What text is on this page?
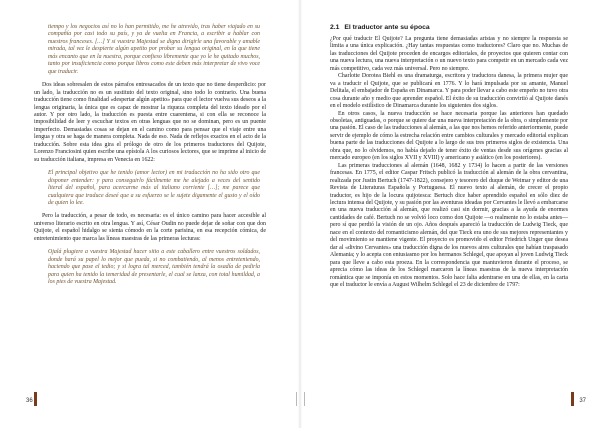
tiempo y los negocios así no lo han permitido, me he atrevido, tras haber viajado en su compañía por casi todo su país, y ya de vuelta en Francia, a escribir a hablar con nuestros franceses. […] Y si vuestra Majestad se digna dirigirle una favorable y amable mirada, tal vez le despierte algún apetito por probar su lengua original, en la que tiene más encanto que en la nuestra, porque confieso libremente que yo le he quitado muchos, tanto por insuficiencia como porque libros como este deben más interpretar de vivo voce que traducir.

Dos ideas sobresalen de estos párrafos entresacados de un texto que no tiene desperdicio: por un lado, la traducción no es un sustituto del texto original, sino todo lo contrario. Una buena traducción tiene como finalidad «despertar algún apetito» para que el lector vuelva sus deseos a la lengua originaria, la única que es capaz de mostrar la riqueza completa del texto ideado por el autor. Y por otro lado, la traducción es puesta entre cuarentena, si con ella se reconoce la imposibilidad de leer y escuchar textos en otras lenguas que no se dominan, pero es un puente imperfecto. Demasiadas cosas se dejan en el camino como para pensar que el viaje entre una lengua y otra se haga de manera completa. Nada de eso. Nada de reflejos exactos en el acto de la traducción. Sobre esta idea gira el prólogo de otro de los primeros traductores del Quijote, Lorenzo Franciosini quien escribe una epístola A los curiosos lectores, que se imprime al inicio de su traducción italiana, impresa en Venecia en 1622:

El principal objetivo que he tenido (amor lector) en mi traducción no ha sido otro que disponer entender: y para conseguirlo fácilmente me he alejado a veces del sentido literal del español, para acercarme más al italiano corriente […]; me parece que cualquiera que traduce deseé que a su esfuerzo se le sujete digamente el gusto y el oído de quien lo lee.

Pero la traducción, a pesar de todo, es necesaria: es el único camino para hacer accesible al universo literario escrito en otra lengua. Y así, César Oudin no puede dejar de soñar con que don Quijote, el español hidalgo se sienta cómodo en la corte parisina, en esa recepción cómica, de entretenimiento que marca las líneas maestras de las primeras lecturas:

Ojalá plugiere a vuestra Majestad hacer sitio a este caballero entre vuestros soldados, donde hará su papel lo mejor que pueda, si no combatiendo, al menos entreteniendo, haciendo que pase el tedio; y si logra tal merced, también tendrá la osadía de pedirla para quien ha tenido la temeridad de presentarle, el cual se lanza, con total humildad, a los pies de vuestra Majestad.

36
2.1 El traductor ante su época

¿Por qué traducir El Quijote? La pregunta tiene demasiadas aristas y no siempre la respuesta se limita a una única explicación. ¿Hay tantas respuestas como traductores? Claro que no. Muchas de las traducciones del Quijote proceden de encargos editoriales, de proyectos que quieren contar con una nueva lectura, una nueva interpretación o un nuevo texto para competir en un mercado cada vez más competitivo, cada vez más universal. Pero no siempre.

Charlotte Dorotea Biehl es una dramaturga, escritora y traductora danesa, la primera mujer que va a traducir el Quijote, que se publicará en 1776. Y lo hará impulsada por su amante, Manuel Delitala, el embajador de España en Dinamarca. Y para poder llevar a cabo este empeño no tuvo otra cosa durante año y medio que aprender español. El éxito de su traducción convirtió al Quijote danés en el modelo estilístico de Dinamarca durante los siguientes dos siglos.

En otros casos, la nueva traducción se hace necesaria porque las anteriores han quedado obsoletas, antiguadas, o porque se quiere dar una nueva interpretación de la obra, o simplemente por una pasión. El caso de las traducciones al alemán, a las que nos hemos referido anteriormente, puede servir de ejemplo de cómo la estrecha relación entre cambios culturales y mercado editorial explican buena parte de las traducciones del Quijote a lo largo de sus tres primeros siglos de existencia. Una obra que, no lo olvidemos, no había dejado de tener éxito de ventas desde sus orígenes gracias al mercado europeo (en los siglos XVII y XVIII) y americano y asiático (en los posteriores).

Las primeras traducciones al alemán (1648, 1682 y 1734) lo hacen a partir de las versiones francesas. En 1775, el editor Caspar Fritsch publicó la traducción al alemán de la obra cervantina, realizada por Justin Bertuch (1747-1822), consejero y tesorero del duque de Weimar y editor de una Revista de Literaturas Española y Portuguesa. El nuevo texto al alemán, de crecer el propio traductor, es hijo de la locura quijotesca: Bertuch dice haber aprendido español en sólo diez de lectura intensa del Quijote, y su pasión por las aventuras ideadas por Cervantes le llevó a embarcarse en una nueva traducción al alemán, que realizó casi sin dormir, gracias a la ayuda de enormes cantidades de café. Bertuch no se volvió loco como don Quijote —o realmente no lo estaba antes— pero sí que perdió la visión de un ojo. Años después apareció la traducción de Ludwig Tieck, que nace en el contexto del romanticismo alemán, del que Tieck era uno de sus mejores representantes y del movimiento se mantiene vigente. El proyecto es promovido el editor Friedrich Unger que desea dar al «divino Cervantes» una traducción digna de los nuevos aires culturales que habían traspasado Alemania; y lo acepta con entusiasmo por los hermanos Schlegel, que apoyan al joven Ludwig Tieck para que lleve a cabo esta proeza. En la correspondencia que mantuvieron durante el proceso, se aprecia cómo las ideas de los Schlegel marcaron la líneas maestras de la nueva interpretación romántica que se imponía en estos momentos. Solo hace falta adentrarse en una de ellas, en la carta que el traductor le envía a August Wilhelm Schlegel el 23 de diciembre de 1797:

37
